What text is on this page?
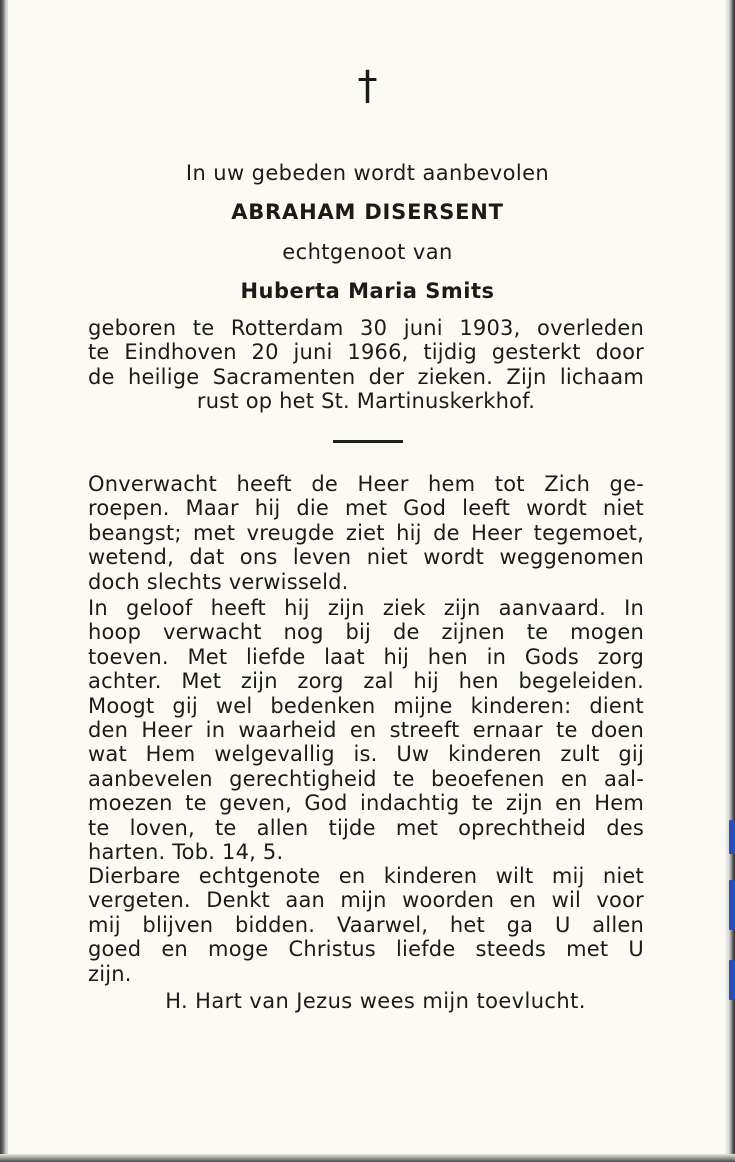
†
In uw gebeden wordt aanbevolen
ABRAHAM DISERSENT
echtgenoot van
Huberta Maria Smits
geboren te Rotterdam 30 juni 1903, overleden
te Eindhoven 20 juni 1966, tijdig gesterkt door
de heilige Sacramenten der zieken. Zijn lichaam
rust op het St. Martinuskerkhof.
Onverwacht heeft de Heer hem tot Zich ge-
roepen. Maar hij die met God leeft wordt niet
beangst; met vreugde ziet hij de Heer tegemoet,
wetend, dat ons leven niet wordt weggenomen
doch slechts verwisseld.
In geloof heeft hij zijn ziek zijn aanvaard. In
hoop verwacht nog bij de zijnen te mogen
toeven. Met liefde laat hij hen in Gods zorg
achter. Met zijn zorg zal hij hen begeleiden.
Moogt gij wel bedenken mijne kinderen: dient
den Heer in waarheid en streeft ernaar te doen
wat Hem welgevallig is. Uw kinderen zult gij
aanbevelen gerechtigheid te beoefenen en aal-
moezen te geven, God indachtig te zijn en Hem
te loven, te allen tijde met oprechtheid des
harten. Tob. 14, 5.
Dierbare echtgenote en kinderen wilt mij niet
vergeten. Denkt aan mijn woorden en wil voor
mij blijven bidden. Vaarwel, het ga U allen
goed en moge Christus liefde steeds met U
zijn.
H. Hart van Jezus wees mijn toevlucht.
